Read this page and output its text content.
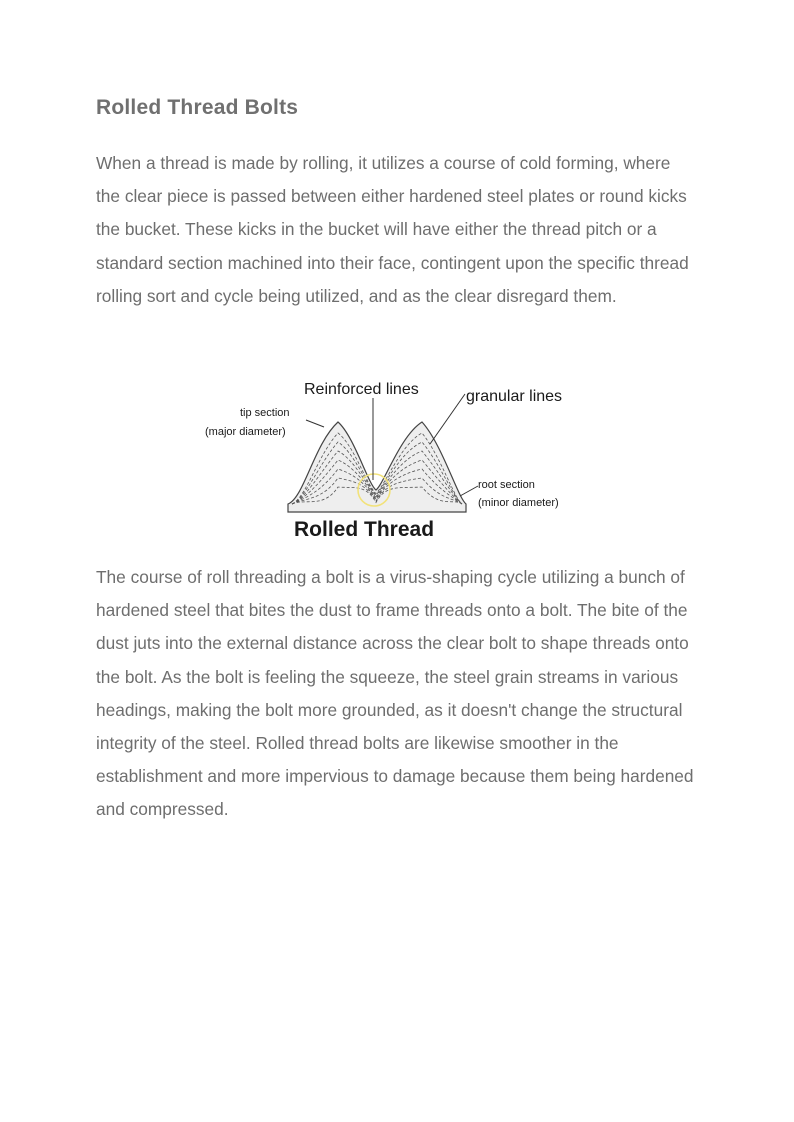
Rolled Thread Bolts

When a thread is made by rolling, it utilizes a course of cold forming, where the clear piece is passed between either hardened steel plates or round kicks the bucket. These kicks in the bucket will have either the thread pitch or a standard section machined into their face, contingent upon the specific thread rolling sort and cycle being utilized, and as the clear disregard them.

Reinforced lines	granular lines
tip section
(major diameter)
root section
(minor diameter)
Rolled Thread

The course of roll threading a bolt is a virus-shaping cycle utilizing a bunch of hardened steel that bites the dust to frame threads onto a bolt. The bite of the dust juts into the external distance across the clear bolt to shape threads onto the bolt. As the bolt is feeling the squeeze, the steel grain streams in various headings, making the bolt more grounded, as it doesn't change the structural integrity of the steel. Rolled thread bolts are likewise smoother in the establishment and more impervious to damage because them being hardened and compressed.
